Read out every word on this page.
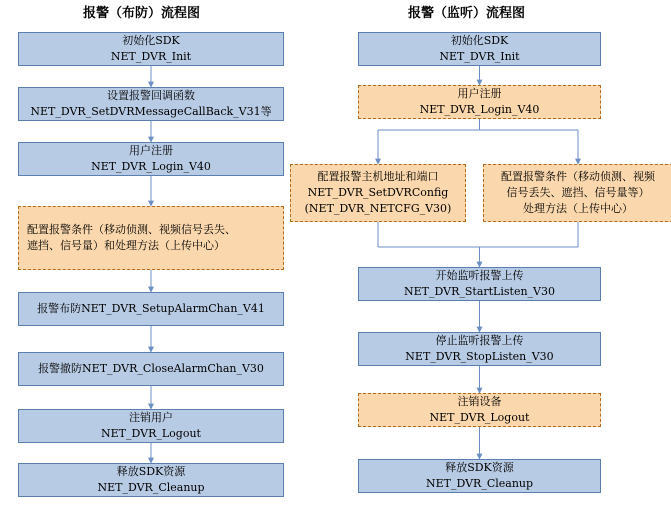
报警（布防）流程图	报警（监听）流程图
初始化SDK
NET_DVR_Init
设置报警回调函数
NET_DVR_SetDVRMessageCallBack_V31等
用户注册
NET_DVR_Login_V40
配置报警条件（移动侦测、视频信号丢失、
遮挡、信号量）和处理方法（上传中心）
报警布防NET_DVR_SetupAlarmChan_V41
报警撤防NET_DVR_CloseAlarmChan_V30
注销用户
NET_DVR_Logout
释放SDK资源
NET_DVR_Cleanup
初始化SDK
NET_DVR_Init
用户注册
NET_DVR_Login_V40
配置报警主机地址和端口
NET_DVR_SetDVRConfig
(NET_DVR_NETCFG_V30)
配置报警条件（移动侦测、视频
信号丢失、遮挡、信号量等）
处理方法（上传中心）
开始监听报警上传
NET_DVR_StartListen_V30
停止监听报警上传
NET_DVR_StopListen_V30
注销设备
NET_DVR_Logout
释放SDK资源
NET_DVR_Cleanup
